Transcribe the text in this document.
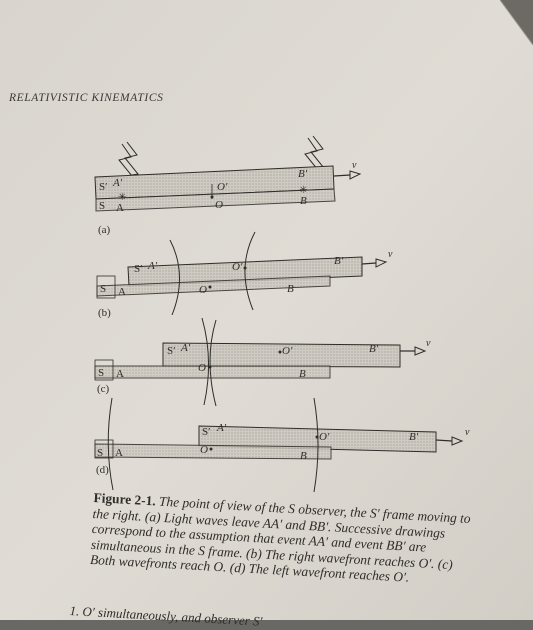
RELATIVISTIC KINEMATICS
S′ A′
S A
✳
O′
O
B′
✳
B
v
(a)
S′ A′
S A
O′
O
B′
B
v
(b)
S′ A′
S A	O
O′	B′
B
v
(c)
S′ A′
S A	O
O′	B′
B
v
(d)
Figure 2-1. The point of view of the S observer, the S′ frame moving to the right. (a) Light waves leave AA′ and BB′. Successive drawings correspond to the assumption that event AA′ and event BB′ are simultaneous in the S frame. (b) The right wavefront reaches O′. (c) Both wavefronts reach O. (d) The left wavefront reaches O′.
1. O′ simultaneously, and observer S′
